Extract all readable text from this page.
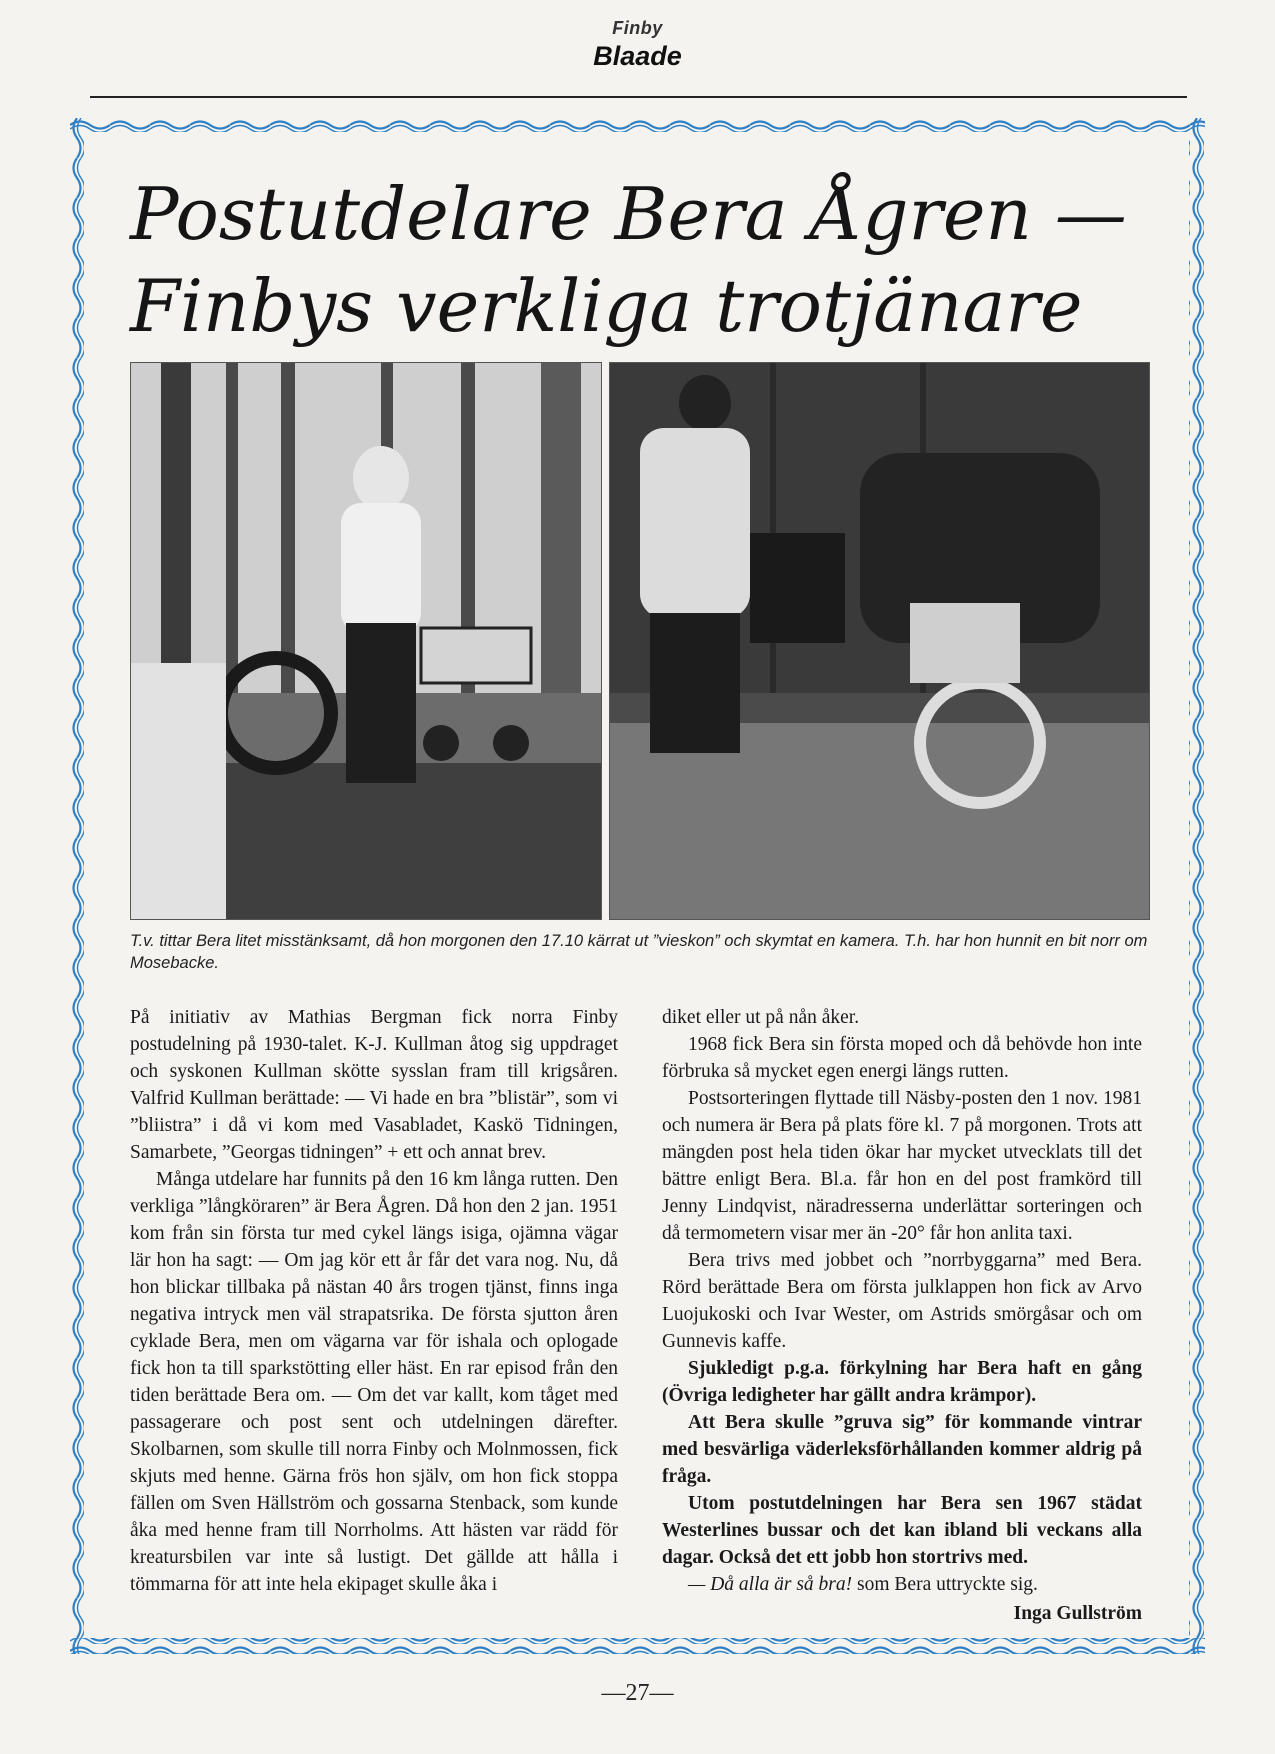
Finby
Blaade
Postutdelare Bera Ågren —
Finbys verkliga trotjänare
T.v. tittar Bera litet misstänksamt, då hon morgonen den 17.10 kärrat ut ”vieskon” och skymtat en kamera. T.h. har hon hunnit en bit norr om Mosebacke.

På initiativ av Mathias Bergman fick norra Finby postudelning på 1930-talet. K-J. Kullman åtog sig uppdraget och syskonen Kullman skötte sysslan fram till krigsåren. Valfrid Kullman berättade: — Vi hade en bra ”blistär”, som vi ”bliistra” i då vi kom med Vasabladet, Kaskö Tidningen, Samarbete, ”Georgas tidningen” + ett och annat brev.

Många utdelare har funnits på den 16 km långa rutten. Den verkliga ”långköraren” är Bera Ågren. Då hon den 2 jan. 1951 kom från sin första tur med cykel längs isiga, ojämna vägar lär hon ha sagt: — Om jag kör ett år får det vara nog. Nu, då hon blickar tillbaka på nästan 40 års trogen tjänst, finns inga negativa intryck men väl strapatsrika. De första sjutton åren cyklade Bera, men om vägarna var för ishala och oplogade fick hon ta till sparkstötting eller häst. En rar episod från den tiden berättade Bera om. — Om det var kallt, kom tåget med passagerare och post sent och utdelningen därefter. Skolbarnen, som skulle till norra Finby och Molnmossen, fick skjuts med henne. Gärna frös hon själv, om hon fick stoppa fällen om Sven Hällström och gossarna Stenback, som kunde åka med henne fram till Norrholms. Att hästen var rädd för kreatursbilen var inte så lustigt. Det gällde att hålla i tömmarna för att inte hela ekipaget skulle åka i

diket eller ut på nån åker.

1968 fick Bera sin första moped och då behövde hon inte förbruka så mycket egen energi längs rutten.

Postsorteringen flyttade till Näsby-posten den 1 nov. 1981 och numera är Bera på plats före kl. 7 på morgonen. Trots att mängden post hela tiden ökar har mycket utvecklats till det bättre enligt Bera. Bl.a. får hon en del post framkörd till Jenny Lindqvist, näradresserna underlättar sorteringen och då termometern visar mer än -20° får hon anlita taxi.

Bera trivs med jobbet och ”norrbyggarna” med Bera. Rörd berättade Bera om första julklappen hon fick av Arvo Luojukoski och Ivar Wester, om Astrids smörgåsar och om Gunnevis kaffe.

Sjukledigt p.g.a. förkylning har Bera haft en gång (Övriga ledigheter har gällt andra krämpor).

Att Bera skulle ”gruva sig” för kommande vintrar med besvärliga väderleksförhållanden kommer aldrig på fråga.

Utom postutdelningen har Bera sen 1967 städat Westerlines bussar och det kan ibland bli veckans alla dagar. Också det ett jobb hon stortrivs med.

— Då alla är så bra! som Bera uttryckte sig.

Inga Gullström
—27—
